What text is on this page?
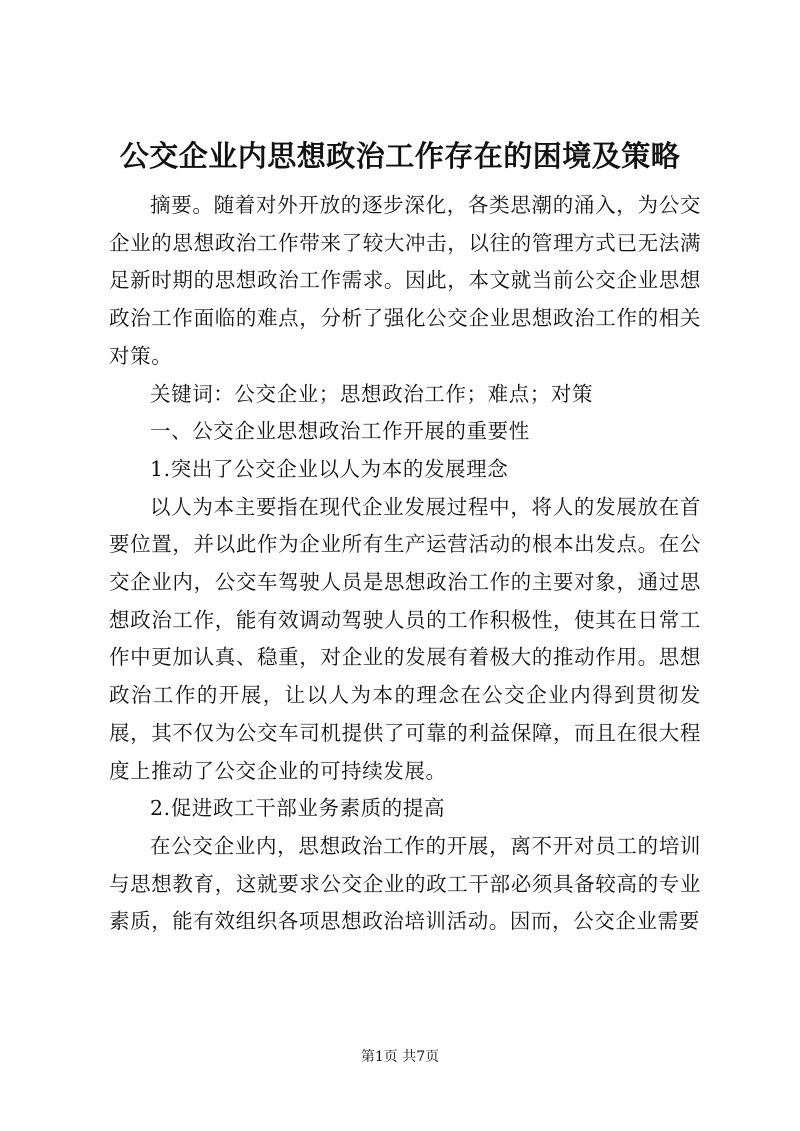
公交企业内思想政治工作存在的困境及策略

摘要。随着对外开放的逐步深化，各类思潮的涌入，为公交企业的思想政治工作带来了较大冲击，以往的管理方式已无法满足新时期的思想政治工作需求。因此，本文就当前公交企业思想政治工作面临的难点，分析了强化公交企业思想政治工作的相关对策。

关键词：公交企业；思想政治工作；难点；对策

一、公交企业思想政治工作开展的重要性

1.突出了公交企业以人为本的发展理念

以人为本主要指在现代企业发展过程中，将人的发展放在首要位置，并以此作为企业所有生产运营活动的根本出发点。在公交企业内，公交车驾驶人员是思想政治工作的主要对象，通过思想政治工作，能有效调动驾驶人员的工作积极性，使其在日常工作中更加认真、稳重，对企业的发展有着极大的推动作用。思想政治工作的开展，让以人为本的理念在公交企业内得到贯彻发展，其不仅为公交车司机提供了可靠的利益保障，而且在很大程度上推动了公交企业的可持续发展。

2.促进政工干部业务素质的提高

在公交企业内，思想政治工作的开展，离不开对员工的培训与思想教育，这就要求公交企业的政工干部必须具备较高的专业素质，能有效组织各项思想政治培训活动。因而，公交企业需要

第1页 共7页
